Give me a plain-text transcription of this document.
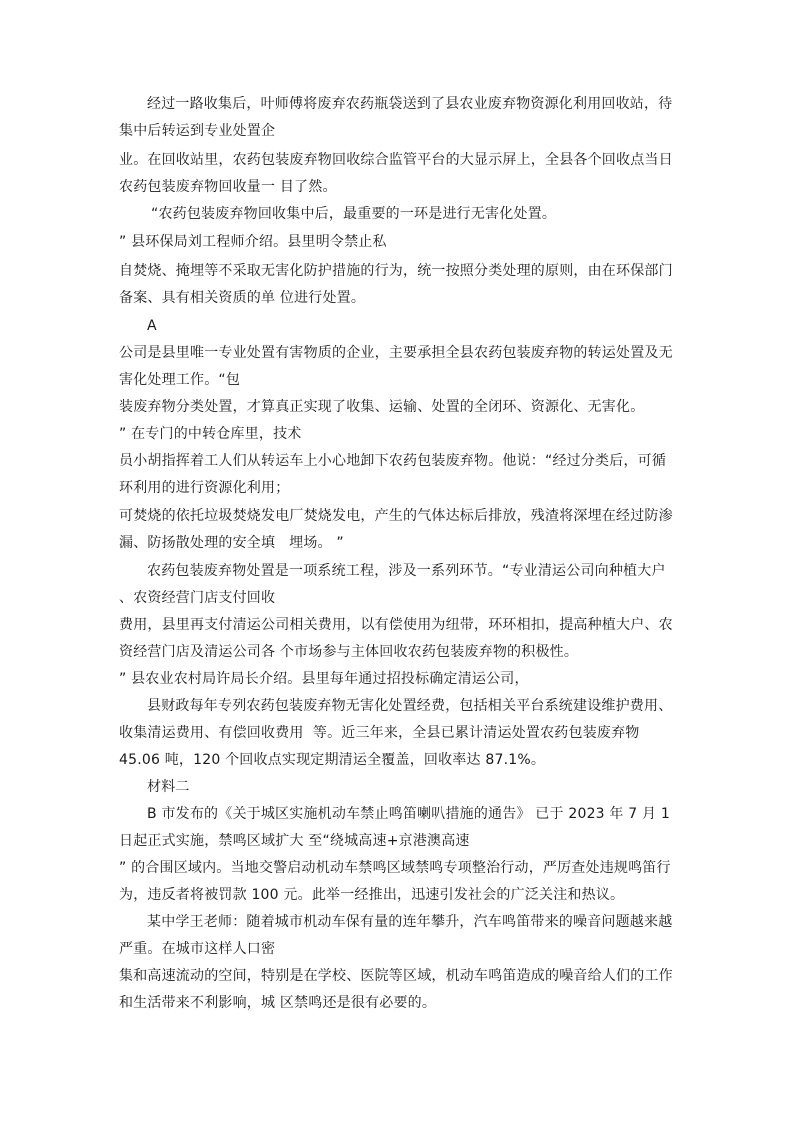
经过一路收集后，叶师傅将废弃农药瓶袋送到了县农业废弃物资源化利用回收站，待
集中后转运到专业处置企
业。在回收站里，农药包装废弃物回收综合监管平台的大显示屏上，全县各个回收点当日
农药包装废弃物回收量一 目了然。
“农药包装废弃物回收集中后，最重要的一环是进行无害化处置。
” 县环保局刘工程师介绍。县里明令禁止私
自焚烧、掩埋等不采取无害化防护措施的行为，统一按照分类处理的原则，由在环保部门
备案、具有相关资质的单 位进行处置。
A
公司是县里唯一专业处置有害物质的企业，主要承担全县农药包装废弃物的转运处置及无
害化处理工作。“包
装废弃物分类处置，才算真正实现了收集、运输、处置的全闭环、资源化、无害化。
” 在专门的中转仓库里，技术
员小胡指挥着工人们从转运车上小心地卸下农药包装废弃物。他说：“经过分类后，可循
环利用的进行资源化利用；
可焚烧的依托垃圾焚烧发电厂焚烧发电，产生的气体达标后排放，残渣将深埋在经过防渗
漏、防扬散处理的安全填   埋场。 ”
农药包装废弃物处置是一项系统工程，涉及一系列环节。“专业清运公司向种植大户
、农资经营门店支付回收
费用，县里再支付清运公司相关费用，以有偿使用为纽带，环环相扣，提高种植大户、农
资经营门店及清运公司各 个市场参与主体回收农药包装废弃物的积极性。
” 县农业农村局许局长介绍。县里每年通过招投标确定清运公司，
县财政每年专列农药包装废弃物无害化处置经费，包括相关平台系统建设维护费用、
收集清运费用、有偿回收费用  等。近三年来，全县已累计清运处置农药包装废弃物
45.06 吨，120 个回收点实现定期清运全覆盖，回收率达 87.1%。
材料二
B 市发布的《关于城区实施机动车禁止鸣笛喇叭措施的通告》 已于 2023 年 7 月 1
日起正式实施，禁鸣区域扩大 至“绕城高速+京港澳高速
” 的合围区域内。当地交警启动机动车禁鸣区域禁鸣专项整治行动，严厉查处违规鸣笛行
为，违反者将被罚款 100 元。此举一经推出，迅速引发社会的广泛关注和热议。
某中学王老师：随着城市机动车保有量的连年攀升，汽车鸣笛带来的噪音问题越来越
严重。在城市这样人口密
集和高速流动的空间，特别是在学校、医院等区域，机动车鸣笛造成的噪音给人们的工作
和生活带来不利影响，城 区禁鸣还是很有必要的。
